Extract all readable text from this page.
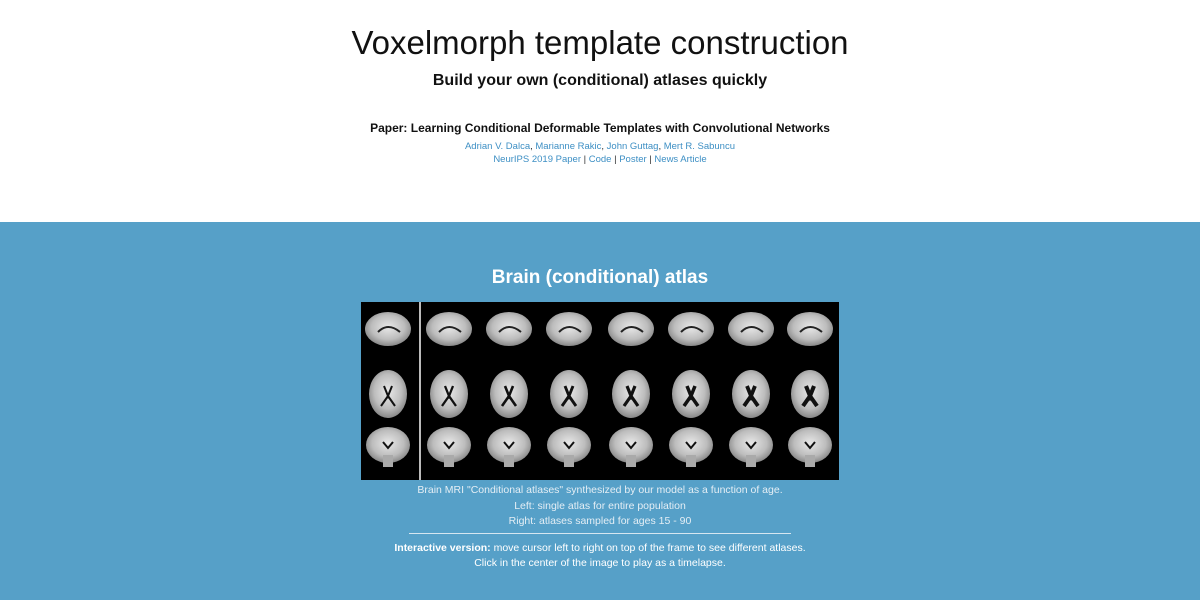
Voxelmorph template construction
Build your own (conditional) atlases quickly
Paper: Learning Conditional Deformable Templates with Convolutional Networks
Adrian V. Dalca, Marianne Rakic, John Guttag, Mert R. Sabuncu
NeurIPS 2019 Paper | Code | Poster | News Article
Brain (conditional) atlas
Brain MRI "Conditional atlases" synthesized by our model as a function of age.
Left: single atlas for entire population
Right: atlases sampled for ages 15 - 90
Interactive version: move cursor left to right on top of the frame to see different atlases.
Click in the center of the image to play as a timelapse.
